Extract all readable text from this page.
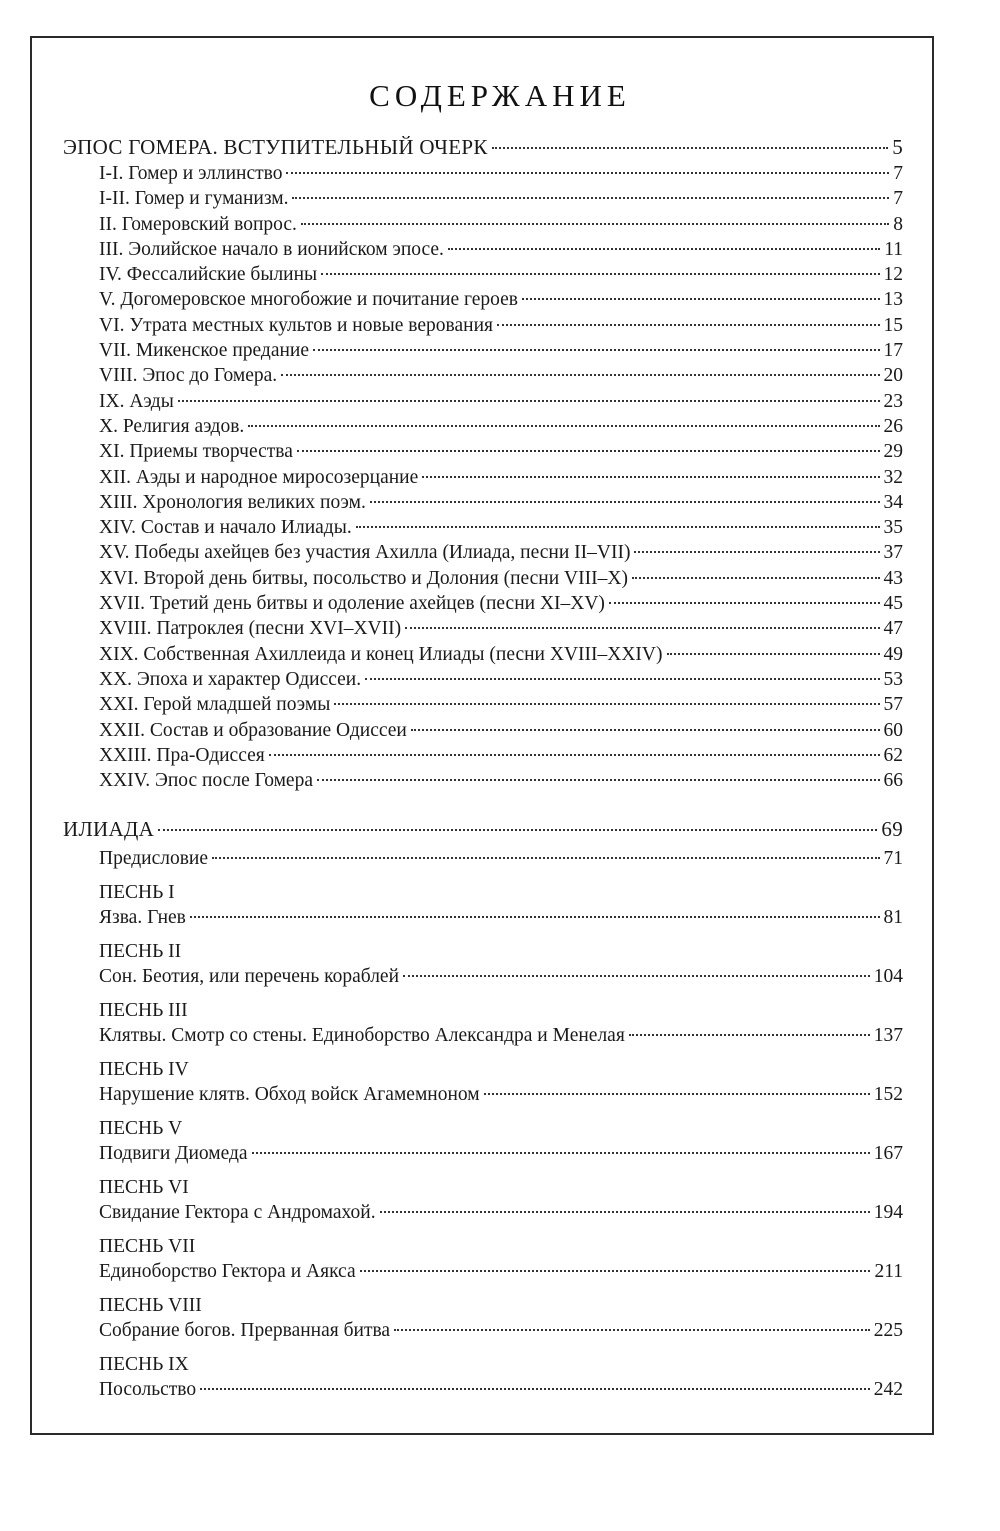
СОДЕРЖАНИЕ
ЭПОС ГОМЕРА. ВСТУПИТЕЛЬНЫЙ ОЧЕРК	5
I-I. Гомер и эллинство	7
I-II. Гомер и гуманизм.	7
II. Гомеровский вопрос.	8
III. Эолийское начало в ионийском эпосе.	11
IV. Фессалийские былины	12
V. Догомеровское многобожие и почитание героев	13
VI. Утрата местных культов и новые верования	15
VII. Микенское предание	17
VIII. Эпос до Гомера.	20
IX. Аэды	23
X. Религия аэдов.	26
XI. Приемы творчества	29
XII. Аэды и народное миросозерцание	32
XIII. Хронология великих поэм.	34
XIV. Состав и начало Илиады.	35
XV. Победы ахейцев без участия Ахилла (Илиада, песни II–VII)	37
XVI. Второй день битвы, посольство и Долония (песни VIII–X)	43
XVII. Третий день битвы и одоление ахейцев (песни XI–XV)	45
XVIII. Патроклея (песни XVI–XVII)	47
XIX. Собственная Ахиллеида и конец Илиады (песни XVIII–XXIV)	49
XX. Эпоха и характер Одиссеи.	53
XXI. Герой младшей поэмы	57
XXII. Состав и образование Одиссеи	60
XXIII. Пра-Одиссея	62
XXIV. Эпос после Гомера	66
ИЛИАДА	69
Предисловие	71
ПЕСНЬ I
Язва. Гнев	81
ПЕСНЬ II
Сон. Беотия, или перечень кораблей	104
ПЕСНЬ III
Клятвы. Смотр со стены. Единоборство Александра и Менелая	137
ПЕСНЬ IV
Нарушение клятв. Обход войск Агамемноном	152
ПЕСНЬ V
Подвиги Диомеда	167
ПЕСНЬ VI
Свидание Гектора с Андромахой.	194
ПЕСНЬ VII
Единоборство Гектора и Аякса	211
ПЕСНЬ VIII
Собрание богов. Прерванная битва	225
ПЕСНЬ IX
Посольство	242
